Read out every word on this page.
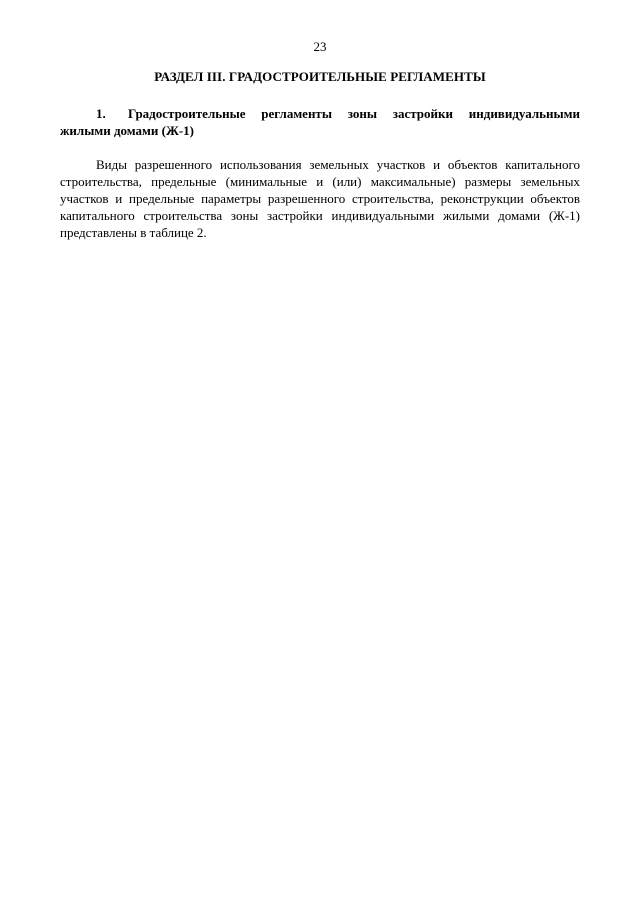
23
РАЗДЕЛ III. ГРАДОСТРОИТЕЛЬНЫЕ РЕГЛАМЕНТЫ
1. Градостроительные регламенты зоны застройки индивидуальными жилыми домами (Ж-1)
Виды разрешенного использования земельных участков и объектов капитального строительства, предельные (минимальные и (или) максимальные) размеры земельных участков и предельные параметры разрешенного строительства, реконструкции объектов капитального строительства зоны застройки индивидуальными жилыми домами (Ж-1) представлены в таблице 2.
